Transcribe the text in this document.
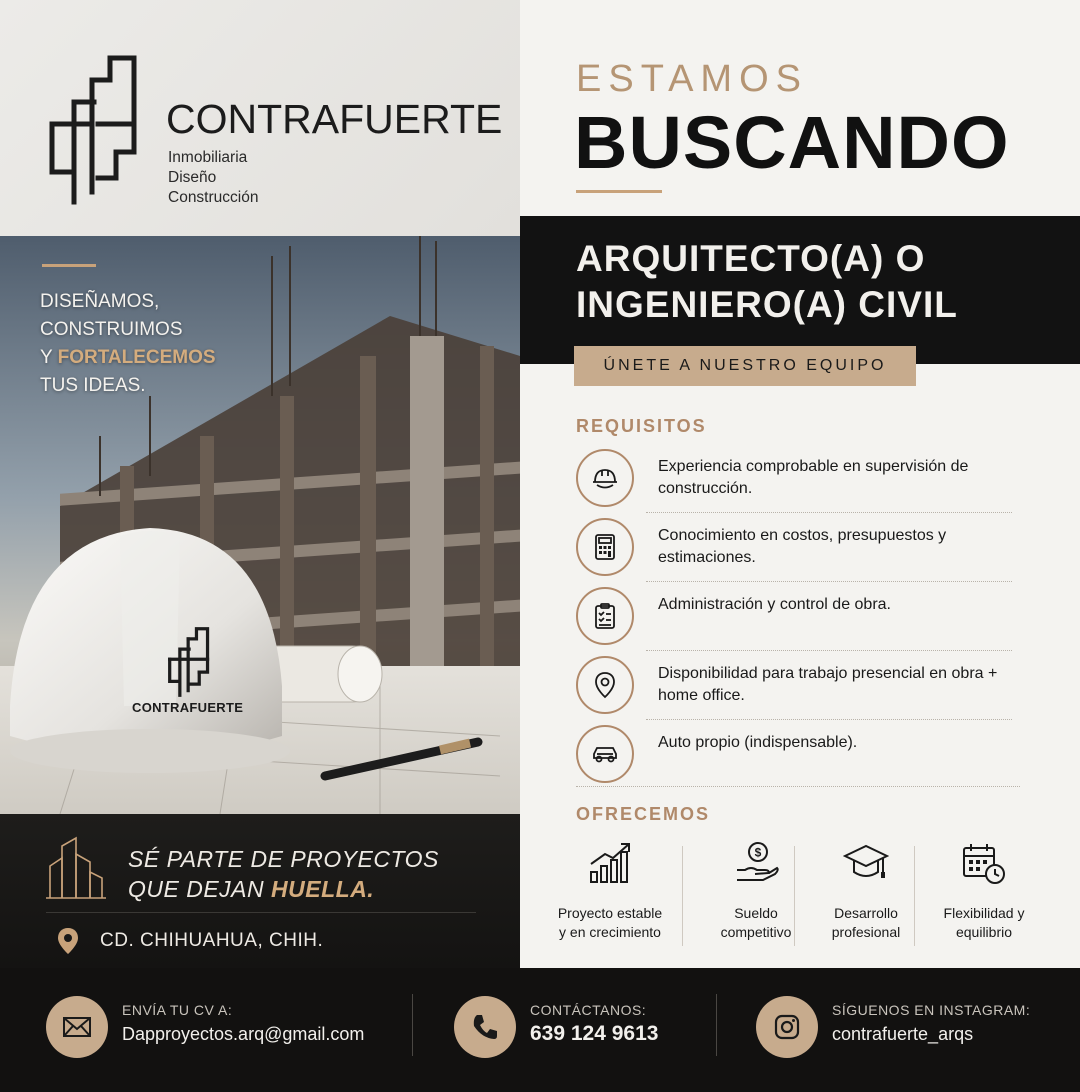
CONTRAFUERTE
Inmobiliaria
Diseño
Construcción
DISEÑAMOS,
CONSTRUIMOS
Y FORTALECEMOS
TUS IDEAS.
CONTRAFUERTE
SÉ PARTE DE PROYECTOS
QUE DEJAN HUELLA.
CD. CHIHUAHUA, CHIH.
ESTAMOS
BUSCANDO
ARQUITECTO(A) O
INGENIERO(A) CIVIL
ÚNETE A NUESTRO EQUIPO
REQUISITOS
Experiencia comprobable en supervisión de construcción.
Conocimiento en costos, presupuestos y estimaciones.
Administración y control de obra.
Disponibilidad para trabajo presencial en obra + home office.
Auto propio (indispensable).
OFRECEMOS
Proyecto estable
y en crecimiento
$
Sueldo
competitivo
Desarrollo
profesional
Flexibilidad y
equilibrio
ENVÍA TU CV A:
Dapproyectos.arq@gmail.com
CONTÁCTANOS:
639 124 9613
SÍGUENOS EN INSTAGRAM:
contrafuerte_arqs
